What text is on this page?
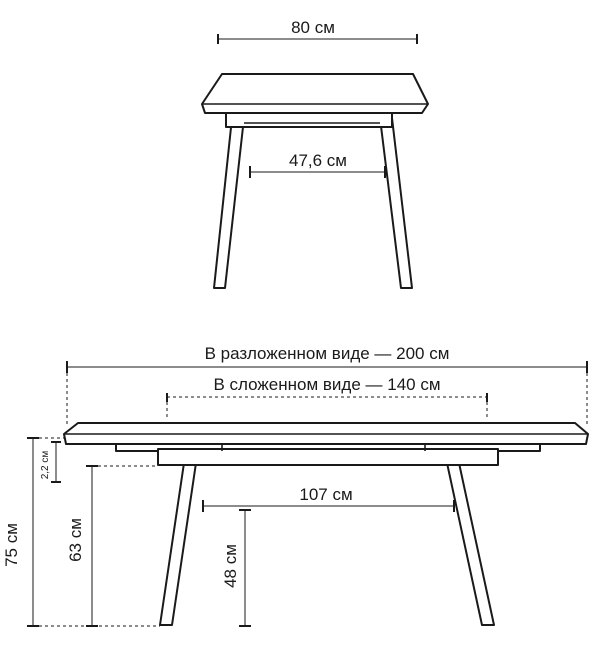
80 см
47,6 см
В разложенном виде — 200 см
В сложенном виде — 140 см
107 см
75 см
2,2 см
63 см
48 см
